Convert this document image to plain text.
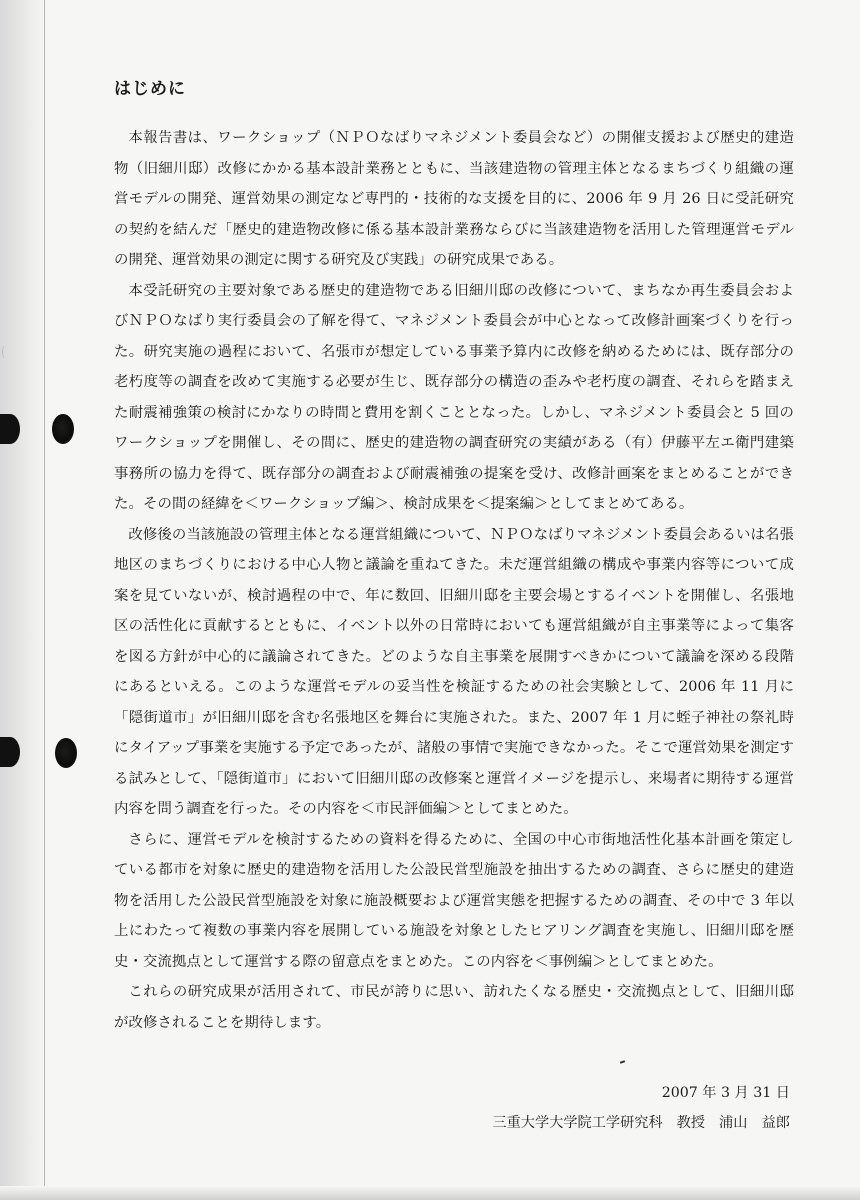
はじめに

本報告書は、ワークショップ（ＮＰＯなばりマネジメント委員会など）の開催支援および歴史的建造物（旧細川邸）改修にかかる基本設計業務とともに、当該建造物の管理主体となるまちづくり組織の運営モデルの開発、運営効果の測定など専門的・技術的な支援を目的に、2006 年 9 月 26 日に受託研究の契約を結んだ「歴史的建造物改修に係る基本設計業務ならびに当該建造物を活用した管理運営モデルの開発、運営効果の測定に関する研究及び実践」の研究成果である。

本受託研究の主要対象である歴史的建造物である旧細川邸の改修について、まちなか再生委員会およびＮＰＯなばり実行委員会の了解を得て、マネジメント委員会が中心となって改修計画案づくりを行った。研究実施の過程において、名張市が想定している事業予算内に改修を納めるためには、既存部分の老朽度等の調査を改めて実施する必要が生じ、既存部分の構造の歪みや老朽度の調査、それらを踏まえた耐震補強策の検討にかなりの時間と費用を割くこととなった。しかし、マネジメント委員会と 5 回のワークショップを開催し、その間に、歴史的建造物の調査研究の実績がある（有）伊藤平左エ衛門建築事務所の協力を得て、既存部分の調査および耐震補強の提案を受け、改修計画案をまとめることができた。その間の経緯を＜ワークショップ編＞、検討成果を＜提案編＞としてまとめてある。

改修後の当該施設の管理主体となる運営組織について、ＮＰＯなばりマネジメント委員会あるいは名張地区のまちづくりにおける中心人物と議論を重ねてきた。未だ運営組織の構成や事業内容等について成案を見ていないが、検討過程の中で、年に数回、旧細川邸を主要会場とするイベントを開催し、名張地区の活性化に貢献するとともに、イベント以外の日常時においても運営組織が自主事業等によって集客を図る方針が中心的に議論されてきた。どのような自主事業を展開すべきかについて議論を深める段階にあるといえる。このような運営モデルの妥当性を検証するための社会実験として、2006 年 11 月に「隠街道市」が旧細川邸を含む名張地区を舞台に実施された。また、2007 年 1 月に蛭子神社の祭礼時にタイアップ事業を実施する予定であったが、諸般の事情で実施できなかった。そこで運営効果を測定する試みとして、「隠街道市」において旧細川邸の改修案と運営イメージを提示し、来場者に期待する運営内容を問う調査を行った。その内容を＜市民評価編＞としてまとめた。

さらに、運営モデルを検討するための資料を得るために、全国の中心市街地活性化基本計画を策定している都市を対象に歴史的建造物を活用した公設民営型施設を抽出するための調査、さらに歴史的建造物を活用した公設民営型施設を対象に施設概要および運営実態を把握するための調査、その中で 3 年以上にわたって複数の事業内容を展開している施設を対象としたヒアリング調査を実施し、旧細川邸を歴史・交流拠点として運営する際の留意点をまとめた。この内容を＜事例編＞としてまとめた。

これらの研究成果が活用されて、市民が誇りに思い、訪れたくなる歴史・交流拠点として、旧細川邸が改修されることを期待します。

2007 年 3 月 31 日
三重大学大学院工学研究科 教授 浦山　益郎
